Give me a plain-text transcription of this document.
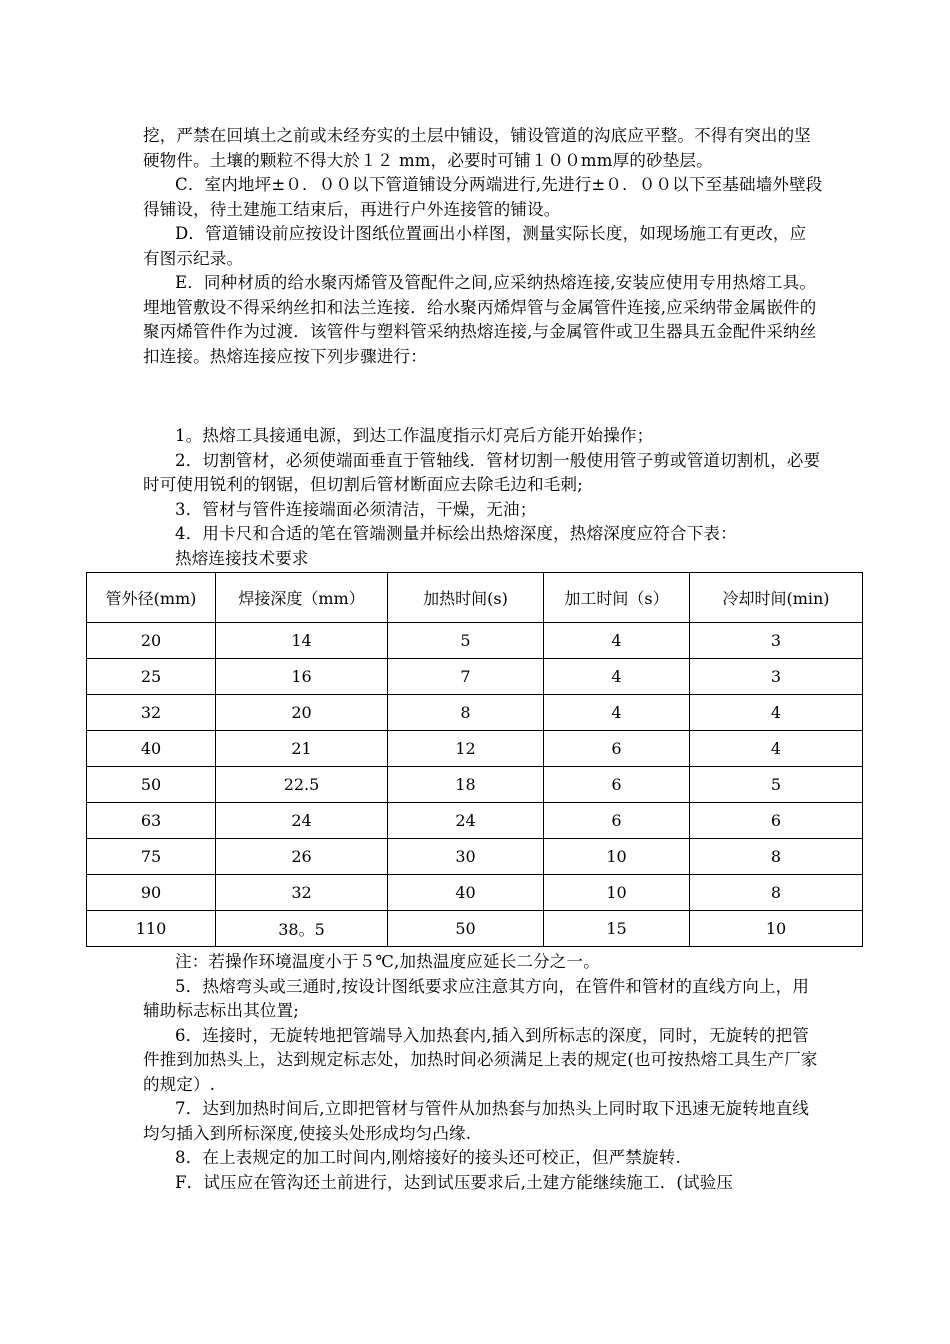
挖，严禁在回填土之前或未经夯实的土层中铺设，铺设管道的沟底应平整。不得有突出的坚硬物件。土壤的颗粒不得大於１２ mm，必要时可铺１００mm厚的砂垫层。

C．室内地坪±０．００以下管道铺设分两端进行,先进行±０．００以下至基础墙外壁段得铺设，待土建施工结束后，再进行户外连接管的铺设。

D．管道铺设前应按设计图纸位置画出小样图，测量实际长度，如现场施工有更改，应有图示纪录。

E．同种材质的给水聚丙烯管及管配件之间,应采纳热熔连接,安装应使用专用热熔工具。埋地管敷设不得采纳丝扣和法兰连接．给水聚丙烯焊管与金属管件连接,应采纳带金属嵌件的聚丙烯管件作为过渡．该管件与塑料管采纳热熔连接,与金属管件或卫生器具五金配件采纳丝扣连接。热熔连接应按下列步骤进行：

1。热熔工具接通电源，到达工作温度指示灯亮后方能开始操作；

2．切割管材，必须使端面垂直于管轴线．管材切割一般使用管子剪或管道切割机，必要时可使用锐利的钢锯，但切割后管材断面应去除毛边和毛刺;

3．管材与管件连接端面必须清洁，干燥，无油；

4．用卡尺和合适的笔在管端测量并标绘出热熔深度，热熔深度应符合下表：

热熔连接技术要求

管外径(mm)	焊接深度（mm）	加热时间(s)	加工时间（s）	冷却时间(min)
20	14	5	4	3
25	16	7	4	3
32	20	8	4	4
40	21	12	6	4
50	22.5	18	6	5
63	24	24	6	6
75	26	30	10	8
90	32	40	10	8
110	38。5	50	15	10

注：若操作环境温度小于５℃,加热温度应延长二分之一。

5．热熔弯头或三通时,按设计图纸要求应注意其方向，在管件和管材的直线方向上，用辅助标志标出其位置;

6．连接时，无旋转地把管端导入加热套内,插入到所标志的深度，同时，无旋转的把管件推到加热头上，达到规定标志处，加热时间必须满足上表的规定(也可按热熔工具生产厂家的规定）.

7．达到加热时间后,立即把管材与管件从加热套与加热头上同时取下迅速无旋转地直线均匀插入到所标深度,使接头处形成均匀凸缘.

8．在上表规定的加工时间内,刚熔接好的接头还可校正，但严禁旋转.

F．试压应在管沟还土前进行，达到试压要求后,土建方能继续施工．(试验压
